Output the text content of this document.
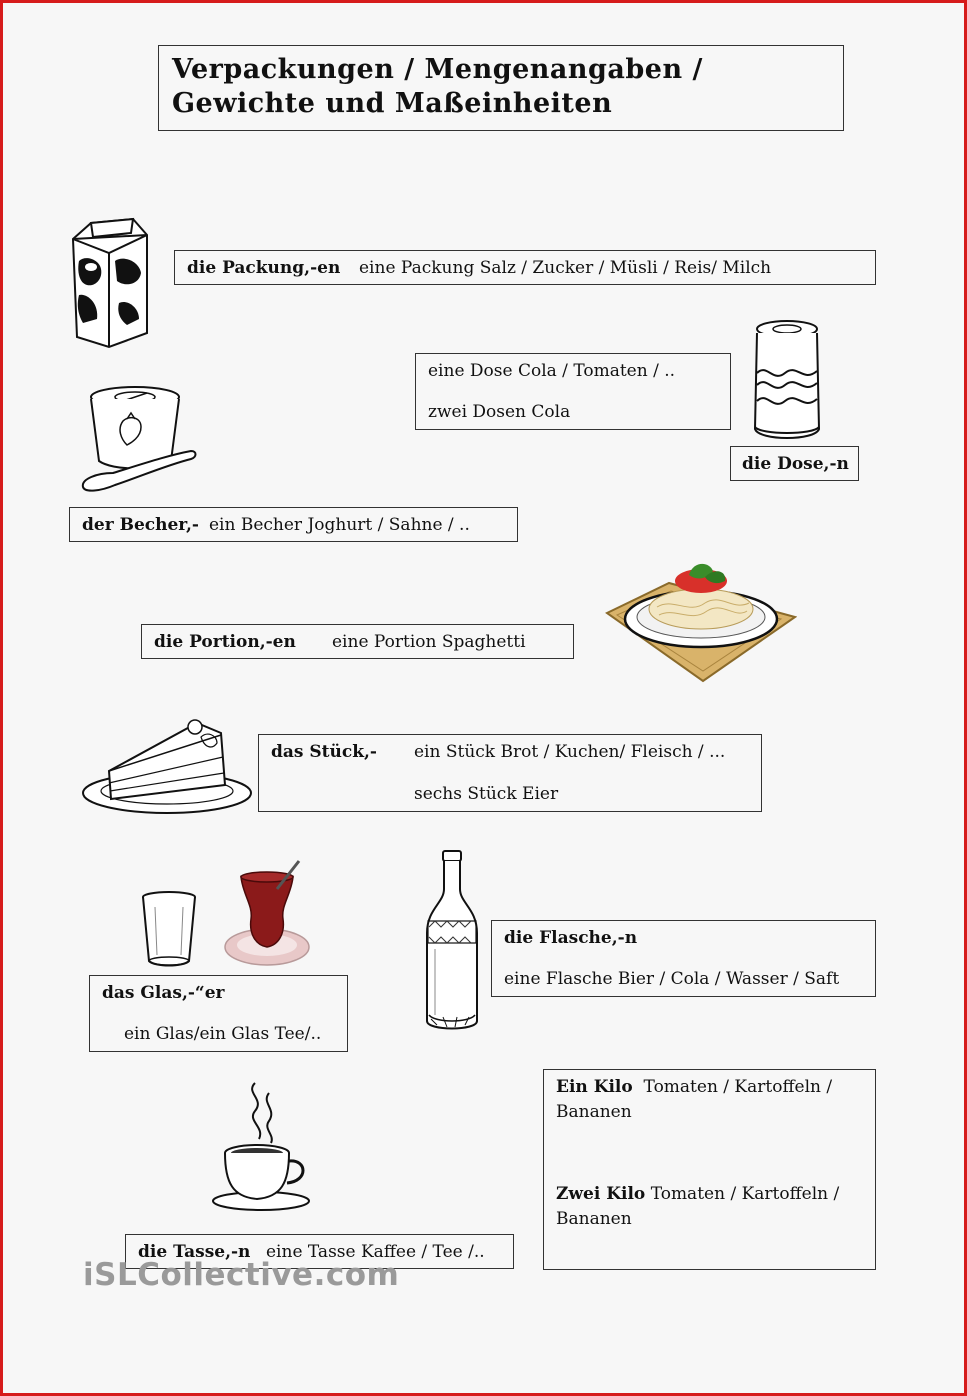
Verpackungen / Mengenangaben /
Gewichte und Maßeinheiten
die Packung,-en eine Packung Salz / Zucker / Müsli / Reis/ Milch
eine Dose Cola / Tomaten / ..
zwei Dosen Cola
die Dose,-n
der Becher,- ein Becher Joghurt / Sahne / ..
die Portion,-en eine Portion Spaghetti
das Stück,- ein Stück Brot / Kuchen/ Fleisch / ...
sechs Stück Eier
das Glas,-“er
ein Glas/ein Glas Tee/..
die Flasche,-n
eine Flasche Bier / Cola / Wasser / Saft
Ein Kilo Tomaten / Kartoffeln /
Bananen
Zwei Kilo Tomaten / Kartoffeln /
Bananen
die Tasse,-n eine Tasse Kaffee / Tee /..
iSLCollective.com
